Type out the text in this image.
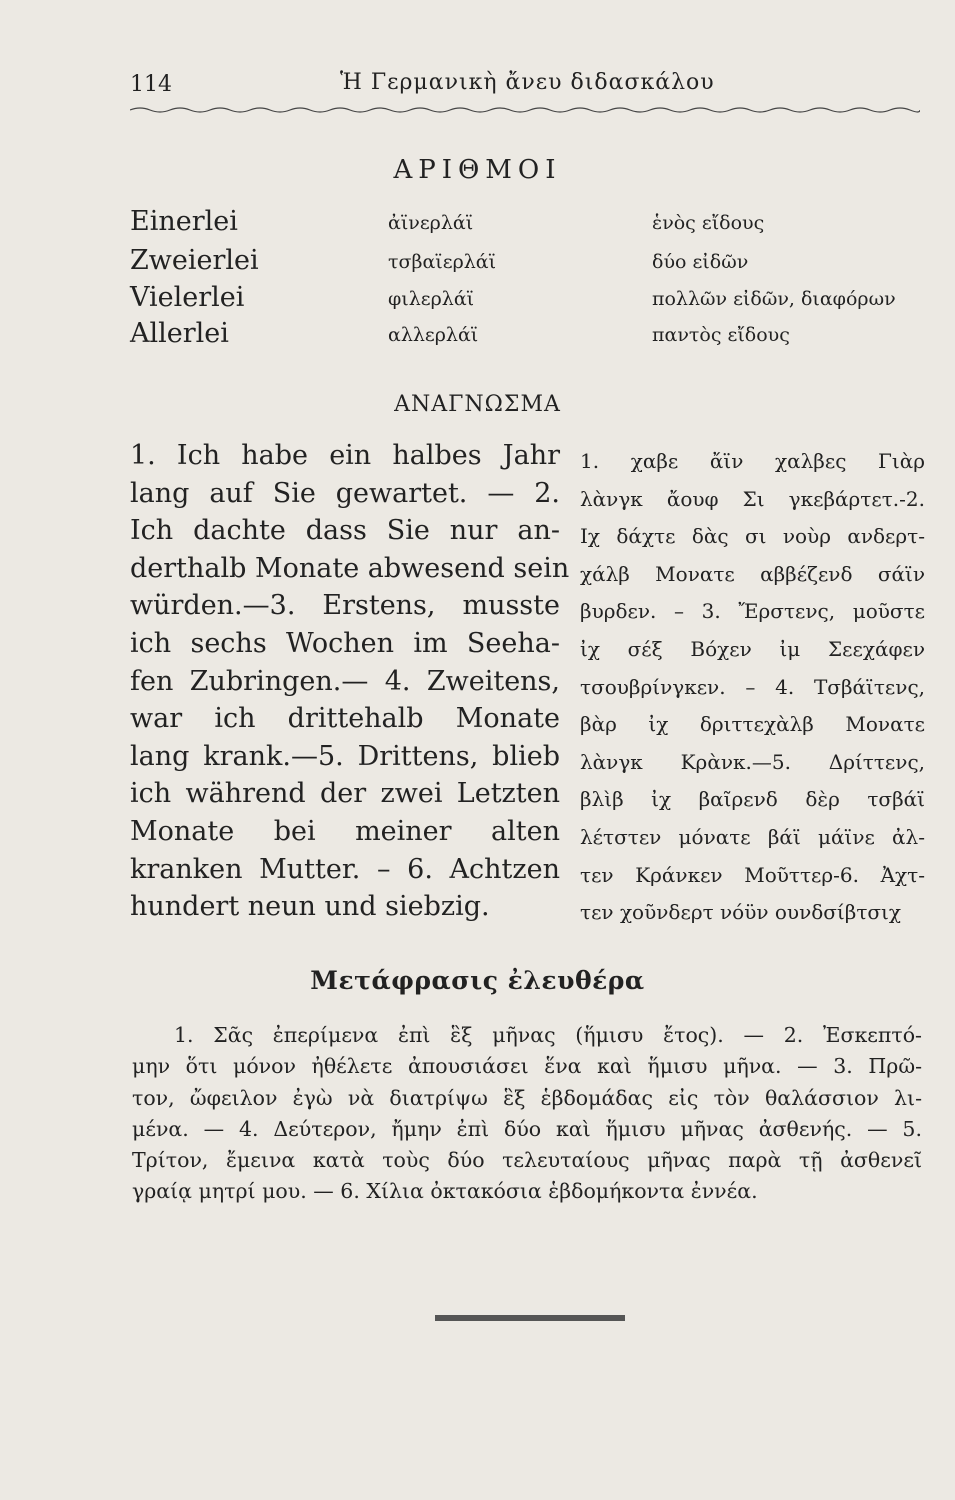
114	Ἡ Γερμανικὴ ἄνευ διδασκάλου
ΑΡΙΘΜΟΙ
Einerlei	ἀϊνερλάϊ	ἑνὸς εἴδους
Zweierlei	τσβαϊερλάϊ	δύο εἰδῶν
Vielerlei	φιλερλάϊ	πολλῶν εἰδῶν, διαφόρων
Allerlei	αλλερλάϊ	παντὸς εἴδους
ΑΝΑΓΝΩΣΜΑ
1. Ich habe ein halbes Jahr
lang auf Sie gewartet. — 2.
Ich dachte dass Sie nur an-
derthalb Monate abwesend sein
würden.—3. Erstens, musste
ich sechs Wochen im Seeha-
fen Zubringen.— 4. Zweitens,
war ich drittehalb Monate
lang krank.—5. Drittens, blieb
ich während der zwei Letzten
Monate bei meiner alten
kranken Mutter. – 6. Achtzen
hundert neun und siebzig.
1. χαβε ἄϊν χαλβες Γιὰρ
λὰνγκ ἄουφ Σι γκεβάρτετ.-2.
Ιχ δάχτε δὰς σι νοὺρ ανδερτ-
χάλβ Μονατε αββέζενδ σάϊν
βυρδεν. – 3. Ἔρστενς, μοῦστε
ἰχ σέξ Βόχεν ἰμ Σεεχάφεν
τσουβρίνγκεν. – 4. Τσβάϊτενς,
βὰρ ἰχ δριττεχὰλβ Μονατε
λὰνγκ Κρὰνκ.—5. Δρίττενς,
βλὶβ ἰχ βαῖρενδ δὲρ τσβάϊ
λέτστεν μόνατε βάϊ μάϊνε ἀλ-
τεν Κράνκεν Μοῦττερ-6. Ἀχτ-
τεν χοῦνδερτ νόϋν ουνδσίβτσιχ
Μετάφρασις ἐλευθέρα
1. Σᾶς ἐπερίμενα ἐπὶ ἓξ μῆνας (ἥμισυ ἔτος). — 2. Ἐσκεπτό-
μην ὅτι μόνον ἠθέλετε ἀπουσιάσει ἕνα καὶ ἥμισυ μῆνα. — 3. Πρῶ-
τον, ὤφειλον ἐγὼ νὰ διατρίψω ἓξ ἑβδομάδας εἰς τὸν θαλάσσιον λι-
μένα. — 4. Δεύτερον, ἤμην ἐπὶ δύο καὶ ἥμισυ μῆνας ἀσθενής. — 5.
Τρίτον, ἔμεινα κατὰ τοὺς δύο τελευταίους μῆνας παρὰ τῇ ἀσθενεῖ
γραίᾳ μητρί μου. — 6. Χίλια ὀκτακόσια ἑβδομήκοντα ἐννέα.
